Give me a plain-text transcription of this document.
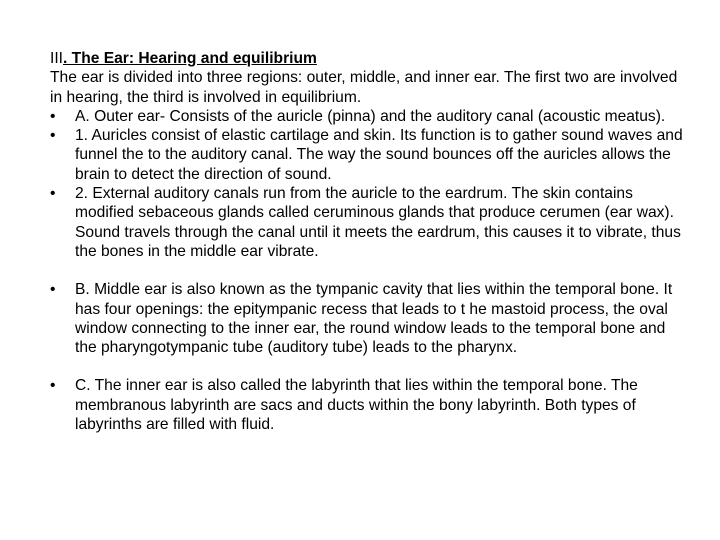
III. The Ear: Hearing and equilibrium

The ear is divided into three regions: outer, middle, and inner ear. The first two are involved in hearing, the third is involved in equilibrium.

•	A. Outer ear- Consists of the auricle (pinna) and the auditory canal (acoustic meatus).
•	1. Auricles consist of elastic cartilage and skin. Its function is to gather sound waves and funnel the to the auditory canal. The way the sound bounces off the auricles allows the brain to detect the direction of sound.
•	2. External auditory canals run from the auricle to the eardrum. The skin contains modified sebaceous glands called ceruminous glands that produce cerumen (ear wax). Sound travels through the canal until it meets the eardrum, this causes it to vibrate, thus the bones in the middle ear vibrate.
•	B. Middle ear is also known as the tympanic cavity that lies within the temporal bone. It has four openings: the epitympanic recess that leads to t he mastoid process, the oval window connecting to the inner ear, the round window leads to the temporal bone and the pharyngotympanic tube (auditory tube) leads to the pharynx.
•	C. The inner ear is also called the labyrinth that lies within the temporal bone. The membranous labyrinth are sacs and ducts within the bony labyrinth. Both types of labyrinths are filled with fluid.
